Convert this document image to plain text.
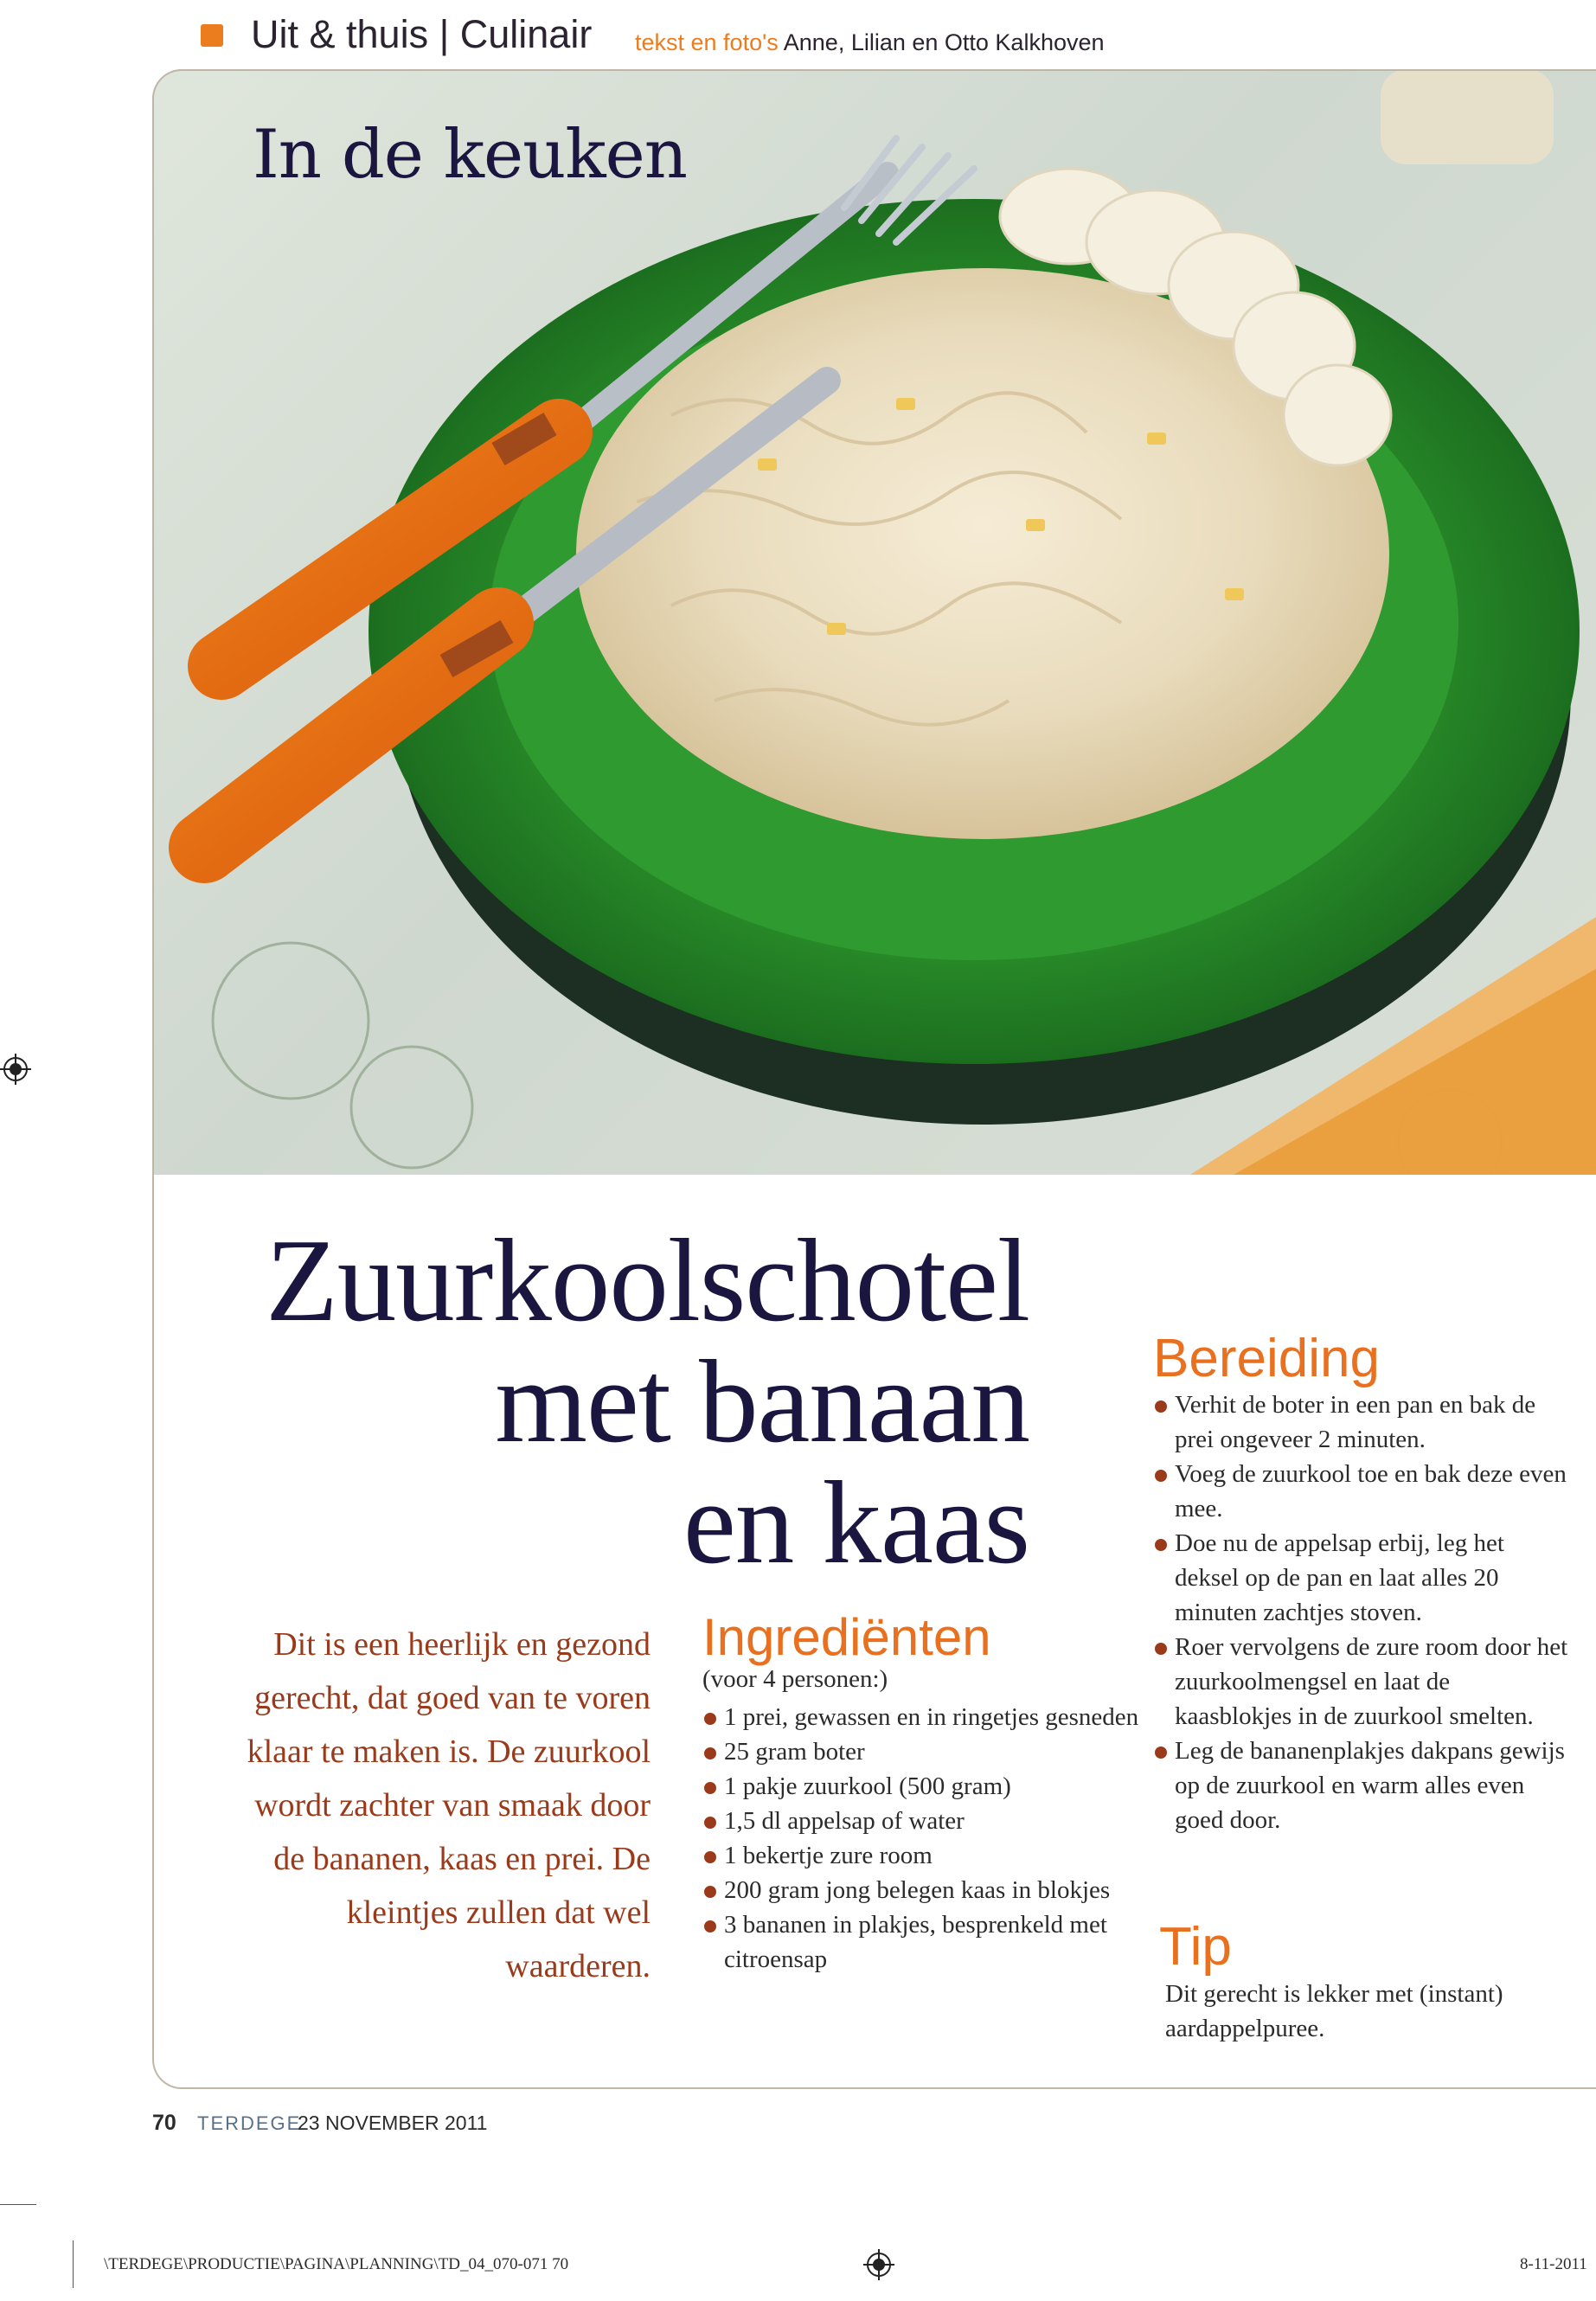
Uit & thuis | Culinair tekst en foto's Anne, Lilian en Otto Kalkhoven
In de keuken
Zuurkoolschotel
met banaan
en kaas
Dit is een heerlijk en gezond gerecht, dat goed van te voren klaar te maken is. De zuurkool wordt zachter van smaak door de bananen, kaas en prei. De kleintjes zullen dat wel waarderen.
Ingrediënten
(voor 4 personen:)
1 prei, gewassen en in ringetjes gesneden
25 gram boter
1 pakje zuurkool (500 gram)
1,5 dl appelsap of water
1 bekertje zure room
200 gram jong belegen kaas in blokjes
3 bananen in plakjes, besprenkeld met citroensap
Bereiding
Verhit de boter in een pan en bak de prei ongeveer 2 minuten.
Voeg de zuurkool toe en bak deze even mee.
Doe nu de appelsap erbij, leg het deksel op de pan en laat alles 20 minuten zachtjes stoven.
Roer vervolgens de zure room door het zuurkoolmengsel en laat de kaasblokjes in de zuurkool smelten.
Leg de bananenplakjes dakpans gewijs op de zuurkool en warm alles even goed door.
Tip
Dit gerecht is lekker met (instant) aardappelpuree.
70 TERDEGE
23 NOVEMBER 2011
\TERDEGE\PRODUCTIE\PAGINA\PLANNING\TD_04_070-071 70	8-11-2011
